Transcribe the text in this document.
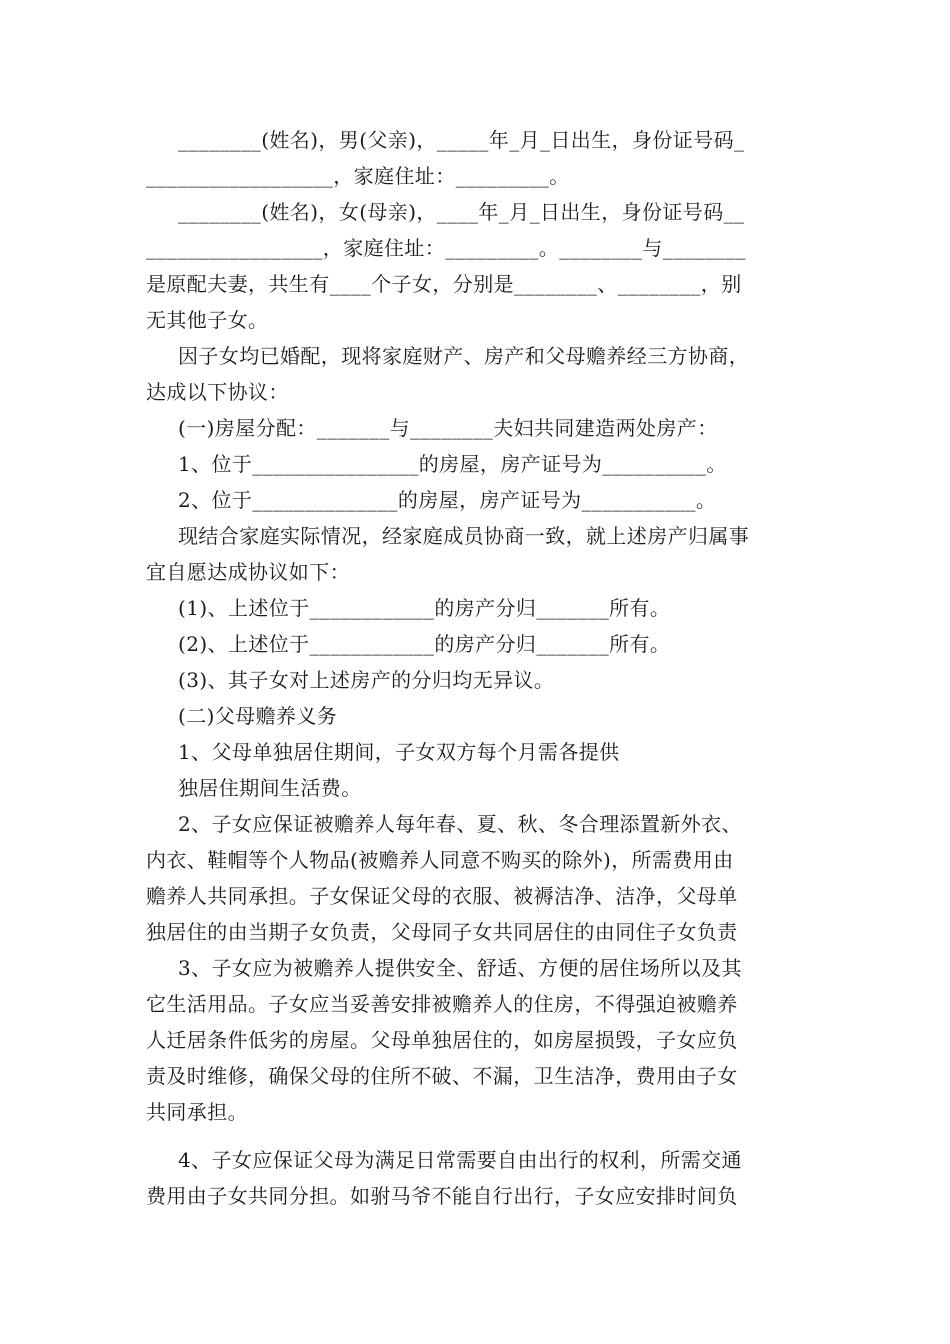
________(姓名)，男(父亲)，_____年_月_日出生，身份证号码_
__________________，家庭住址：_________。
________(姓名)，女(母亲)，____年_月_日出生，身份证号码__
_________________，家庭住址：_________。________与________
是原配夫妻，共生有____个子女，分别是________、________，别
无其他子女。
因子女均已婚配，现将家庭财产、房产和父母赡养经三方协商，
达成以下协议：
(一)房屋分配：_______与________夫妇共同建造两处房产：
1、位于________________的房屋，房产证号为__________。
2、位于______________的房屋，房产证号为___________。
现结合家庭实际情况，经家庭成员协商一致，就上述房产归属事
宜自愿达成协议如下：
(1)、上述位于____________的房产分归_______所有。
(2)、上述位于____________的房产分归_______所有。
(3)、其子女对上述房产的分归均无异议。
(二)父母赡养义务
1、父母单独居住期间，子女双方每个月需各提供
独居住期间生活费。
2、子女应保证被赡养人每年春、夏、秋、冬合理添置新外衣、
内衣、鞋帽等个人物品(被赡养人同意不购买的除外)，所需费用由
赡养人共同承担。子女保证父母的衣服、被褥洁净、洁净，父母单
独居住的由当期子女负责，父母同子女共同居住的由同住子女负责
3、子女应为被赡养人提供安全、舒适、方便的居住场所以及其
它生活用品。子女应当妥善安排被赡养人的住房，不得强迫被赡养
人迁居条件低劣的房屋。父母单独居住的，如房屋损毁，子女应负
责及时维修，确保父母的住所不破、不漏，卫生洁净，费用由子女
共同承担。
4、子女应保证父母为满足日常需要自由出行的权利，所需交通
费用由子女共同分担。如驸马爷不能自行出行，子女应安排时间负
